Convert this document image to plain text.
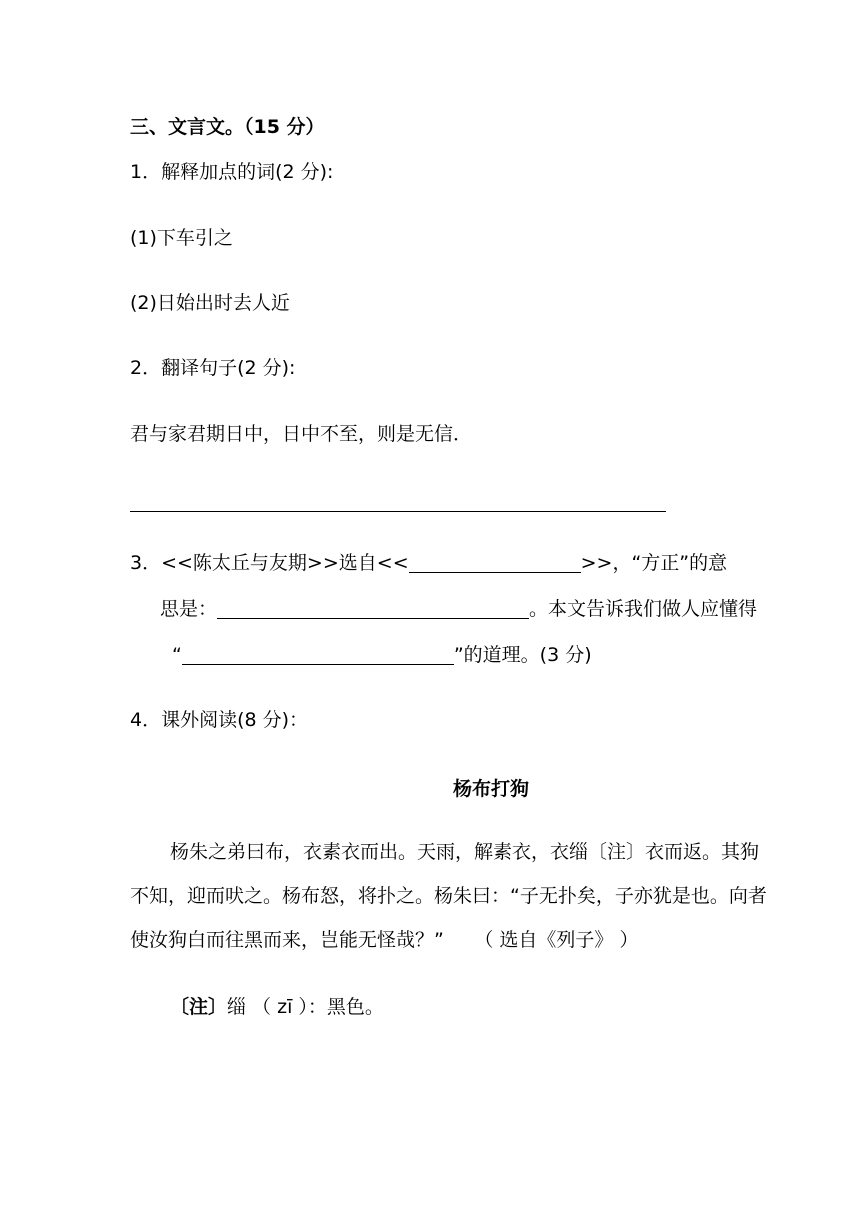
三、文言文。（15 分）
1．解释加点的词(2 分):
(1)下车引之
(2)日始出时去人近
2．翻译句子(2 分):
君与家君期日中，日中不至，则是无信．
3．<<陈太丘与友期>>选自<<	>>，“方正”的意
思是：	。本文告诉我们做人应懂得
“	”的道理。(3 分)
4．课外阅读(8 分)：
杨布打狗
杨朱之弟曰布，衣素衣而出。天雨，解素衣，衣缁〔注〕衣而返。其狗不知，迎而吠之。杨布怒，将扑之。杨朱曰：“子无扑矣，子亦犹是也。向者使汝狗白而往黑而来，岂能无怪哉？” （ 选自《列子》 ）
〔注〕缁 （ zī ）：黑色。
